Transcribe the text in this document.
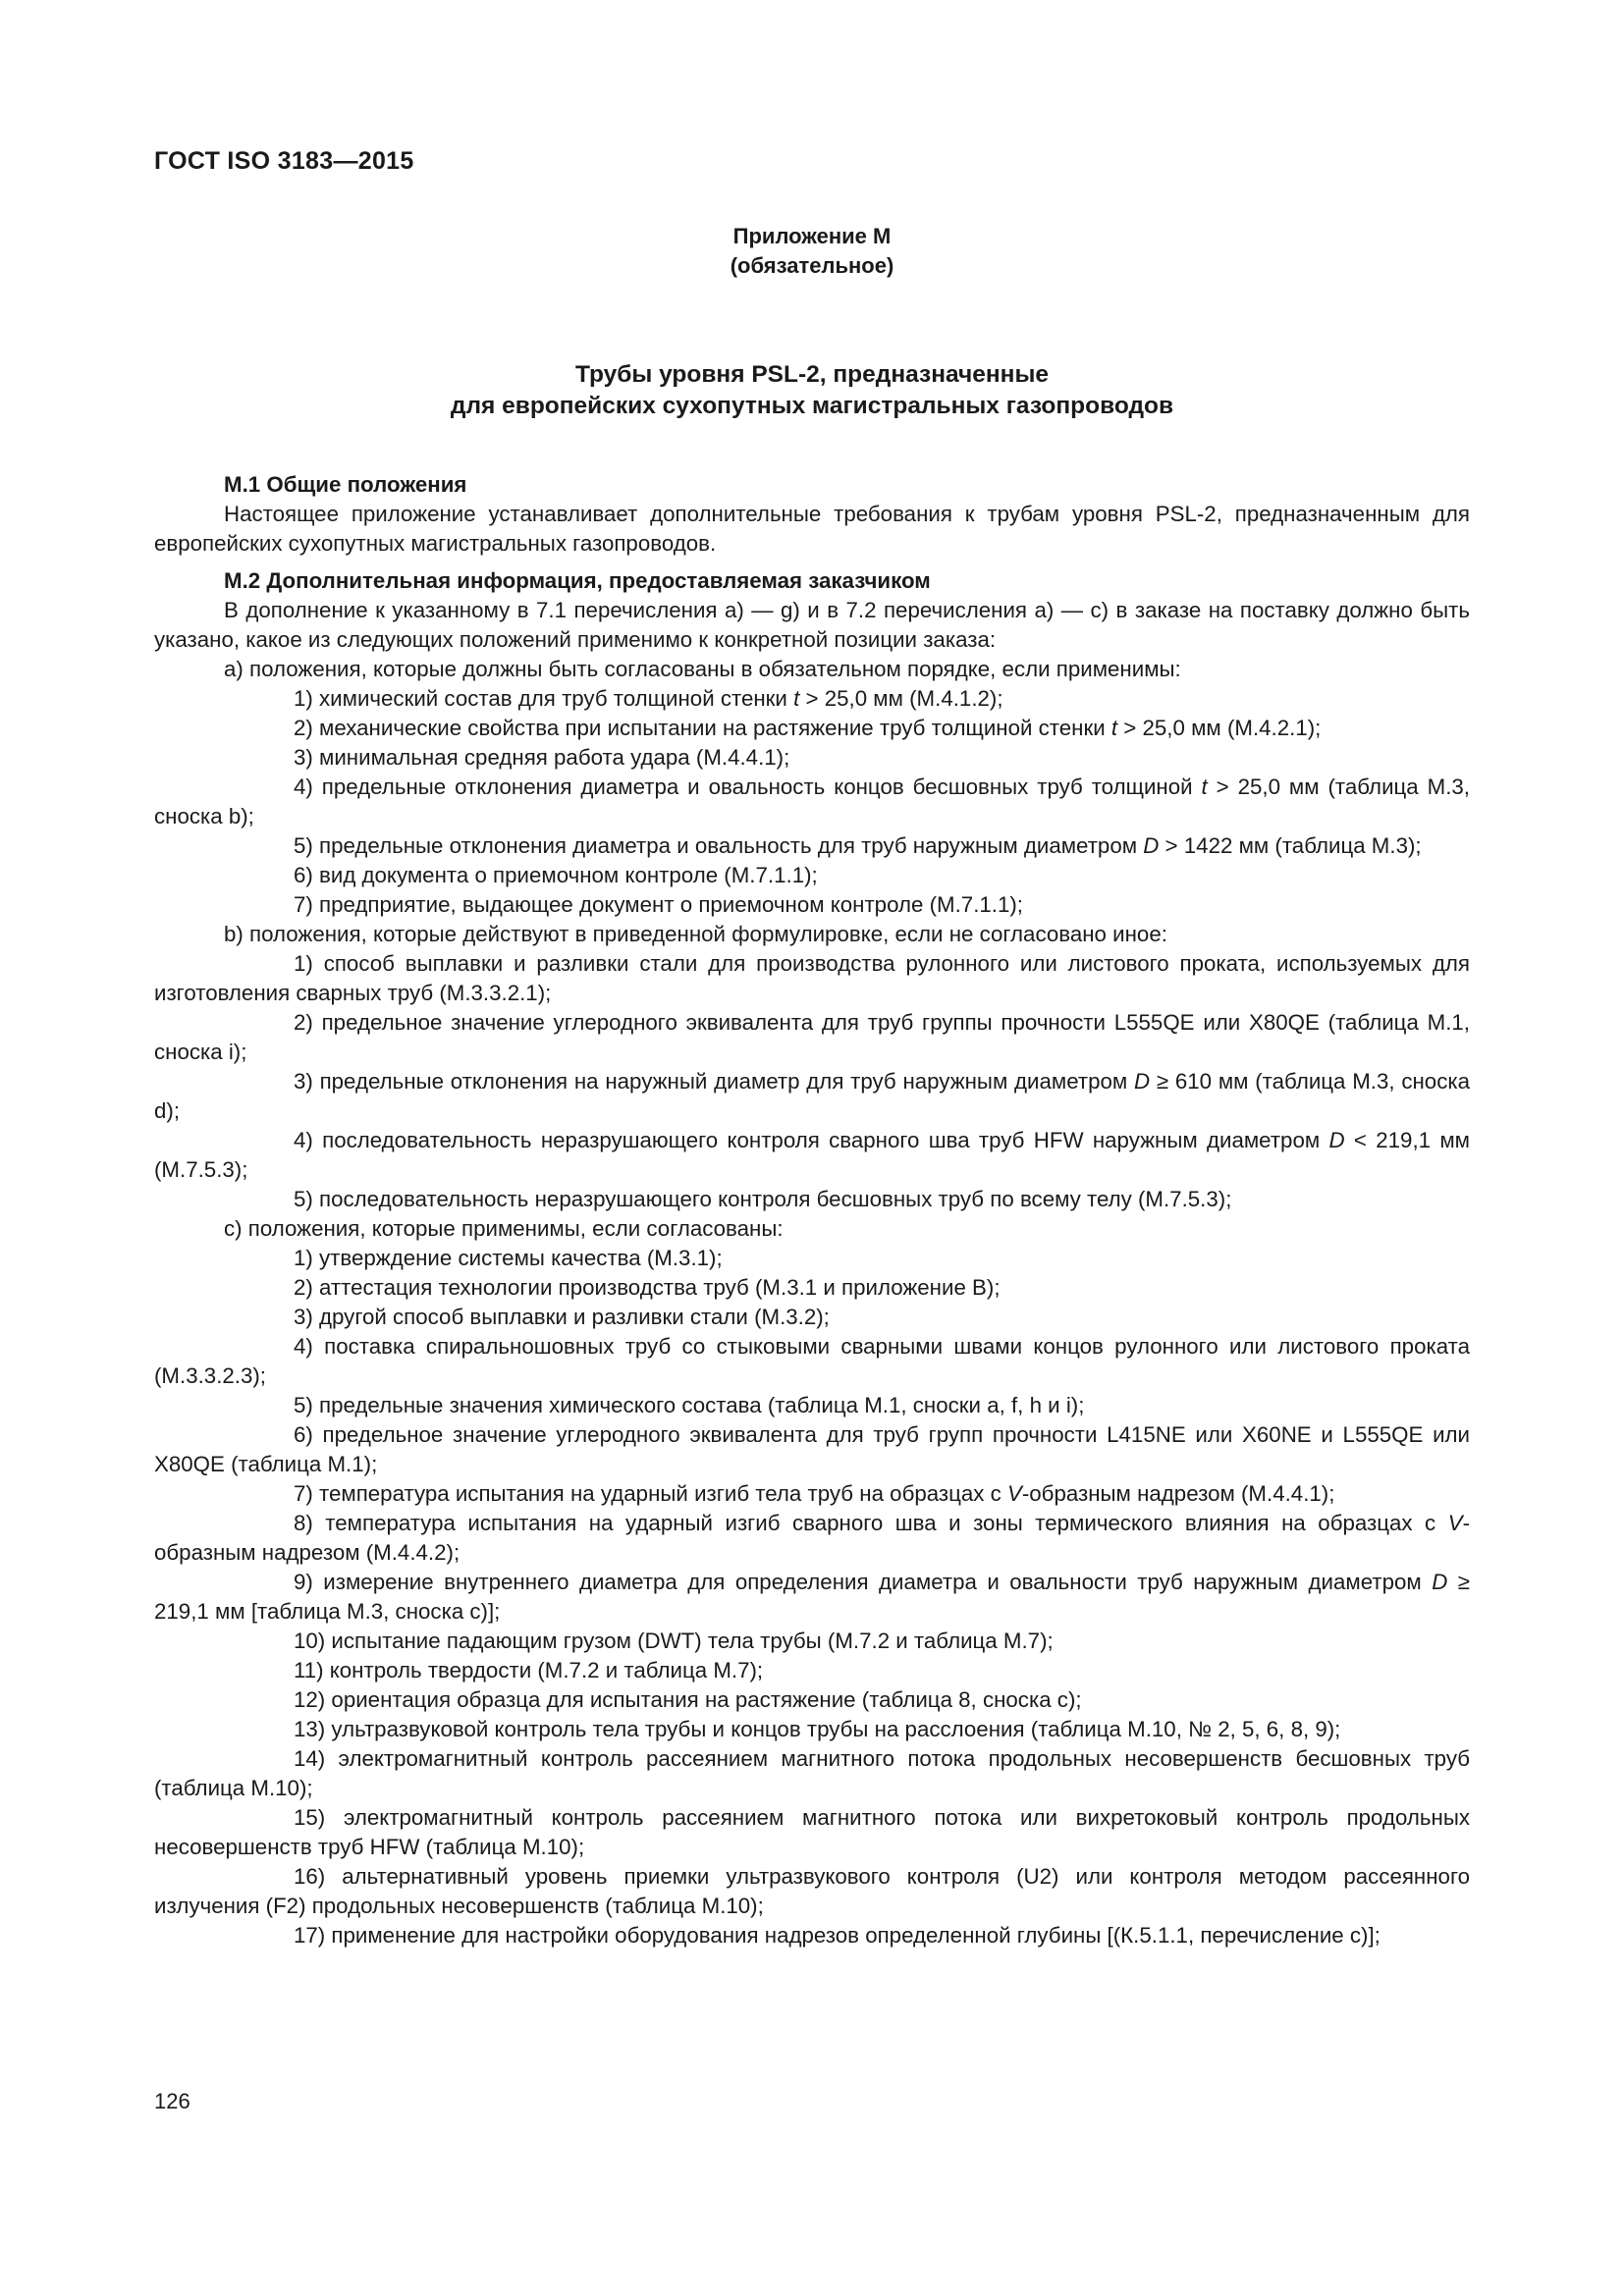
ГОСТ ISO 3183—2015
Приложение М
(обязательное)
Трубы уровня PSL-2, предназначенные
для европейских сухопутных магистральных газопроводов

М.1 Общие положения

Настоящее приложение устанавливает дополнительные требования к трубам уровня PSL-2, предназначенным для европейских сухопутных магистральных газопроводов.

М.2 Дополнительная информация, предоставляемая заказчиком

В дополнение к указанному в 7.1 перечисления а) — g) и в 7.2 перечисления а) — с) в заказе на поставку должно быть указано, какое из следующих положений применимо к конкретной позиции заказа:

а) положения, которые должны быть согласованы в обязательном порядке, если применимы:

1) химический состав для труб толщиной стенки t > 25,0 мм (М.4.1.2);

2) механические свойства при испытании на растяжение труб толщиной стенки t > 25,0 мм (М.4.2.1);

3) минимальная средняя работа удара (М.4.4.1);

4) предельные отклонения диаметра и овальность концов бесшовных труб толщиной t > 25,0 мм (таблица М.3, сноска b);

5) предельные отклонения диаметра и овальность для труб наружным диаметром D > 1422 мм (таблица М.3);

6) вид документа о приемочном контроле (М.7.1.1);

7) предприятие, выдающее документ о приемочном контроле (М.7.1.1);

b) положения, которые действуют в приведенной формулировке, если не согласовано иное:

1) способ выплавки и разливки стали для производства рулонного или листового проката, используемых для изготовления сварных труб (М.3.3.2.1);

2) предельное значение углеродного эквивалента для труб группы прочности L555QE или X80QE (таблица М.1, сноска i);

3) предельные отклонения на наружный диаметр для труб наружным диаметром D ≥ 610 мм (таблица М.3, сноска d);

4) последовательность неразрушающего контроля сварного шва труб HFW наружным диаметром D < 219,1 мм (М.7.5.3);

5) последовательность неразрушающего контроля бесшовных труб по всему телу (М.7.5.3);

с) положения, которые применимы, если согласованы:

1) утверждение системы качества (М.3.1);

2) аттестация технологии производства труб (М.3.1 и приложение В);

3) другой способ выплавки и разливки стали (М.3.2);

4) поставка спиральношовных труб со стыковыми сварными швами концов рулонного или листового проката (М.3.3.2.3);

5) предельные значения химического состава (таблица М.1, сноски а, f, h и i);

6) предельное значение углеродного эквивалента для труб групп прочности L415NE или X60NE и L555QE или X80QE (таблица М.1);

7) температура испытания на ударный изгиб тела труб на образцах с V-образным надрезом (М.4.4.1);

8) температура испытания на ударный изгиб сварного шва и зоны термического влияния на образцах с V-образным надрезом (М.4.4.2);

9) измерение внутреннего диаметра для определения диаметра и овальности труб наружным диаметром D ≥ 219,1 мм [таблица М.3, сноска с)];

10) испытание падающим грузом (DWT) тела трубы (М.7.2 и таблица М.7);

11) контроль твердости (М.7.2 и таблица М.7);

12) ориентация образца для испытания на растяжение (таблица 8, сноска с);

13) ультразвуковой контроль тела трубы и концов трубы на расслоения (таблица М.10, № 2, 5, 6, 8, 9);

14) электромагнитный контроль рассеянием магнитного потока продольных несовершенств бесшовных труб (таблица М.10);

15) электромагнитный контроль рассеянием магнитного потока или вихретоковый контроль продольных несовершенств труб HFW (таблица М.10);

16) альтернативный уровень приемки ультразвукового контроля (U2) или контроля методом рассеянного излучения (F2) продольных несовершенств (таблица М.10);

17) применение для настройки оборудования надрезов определенной глубины [(К.5.1.1, перечисление с)];

126
